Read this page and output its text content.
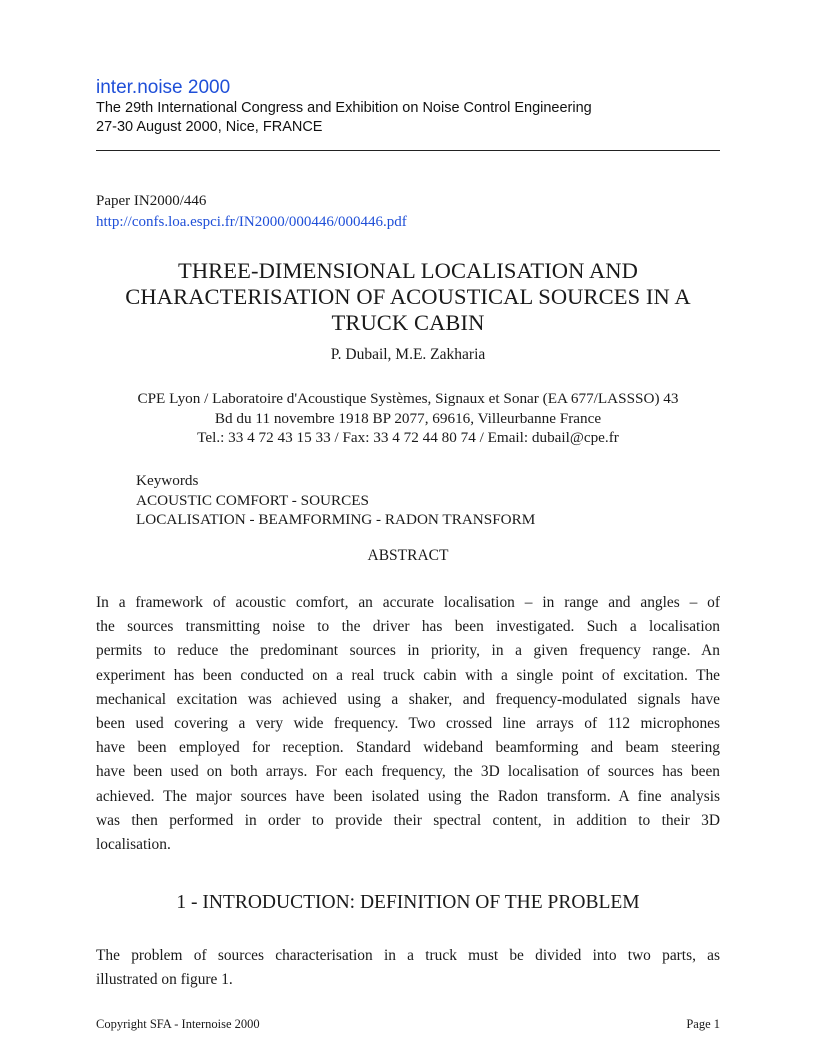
inter.noise 2000
The 29th International Congress and Exhibition on Noise Control Engineering
27-30 August 2000, Nice, FRANCE
Paper IN2000/446
http://confs.loa.espci.fr/IN2000/000446/000446.pdf
THREE-DIMENSIONAL LOCALISATION AND
CHARACTERISATION OF ACOUSTICAL SOURCES IN A
TRUCK CABIN
P. Dubail, M.E. Zakharia
CPE Lyon / Laboratoire d'Acoustique Systèmes, Signaux et Sonar (EA 677/LASSSO) 43
Bd du 11 novembre 1918 BP 2077, 69616, Villeurbanne France
Tel.: 33 4 72 43 15 33 / Fax: 33 4 72 44 80 74 / Email: dubail@cpe.fr
Keywords
ACOUSTIC COMFORT - SOURCES
LOCALISATION - BEAMFORMING - RADON TRANSFORM
ABSTRACT
In a framework of acoustic comfort, an accurate localisation – in range and angles – of
the sources transmitting noise to the driver has been investigated. Such a localisation
permits to reduce the predominant sources in priority, in a given frequency range. An
experiment has been conducted on a real truck cabin with a single point of excitation. The
mechanical excitation was achieved using a shaker, and frequency-modulated signals have
been used covering a very wide frequency. Two crossed line arrays of 112 microphones
have been employed for reception. Standard wideband beamforming and beam steering
have been used on both arrays. For each frequency, the 3D localisation of sources has been
achieved. The major sources have been isolated using the Radon transform. A fine analysis
was then performed in order to provide their spectral content, in addition to their 3D
localisation.
1 - INTRODUCTION: DEFINITION OF THE PROBLEM
The problem of sources characterisation in a truck must be divided into two parts, as
illustrated on figure 1.
Copyright SFA - Internoise 2000	Page 1
